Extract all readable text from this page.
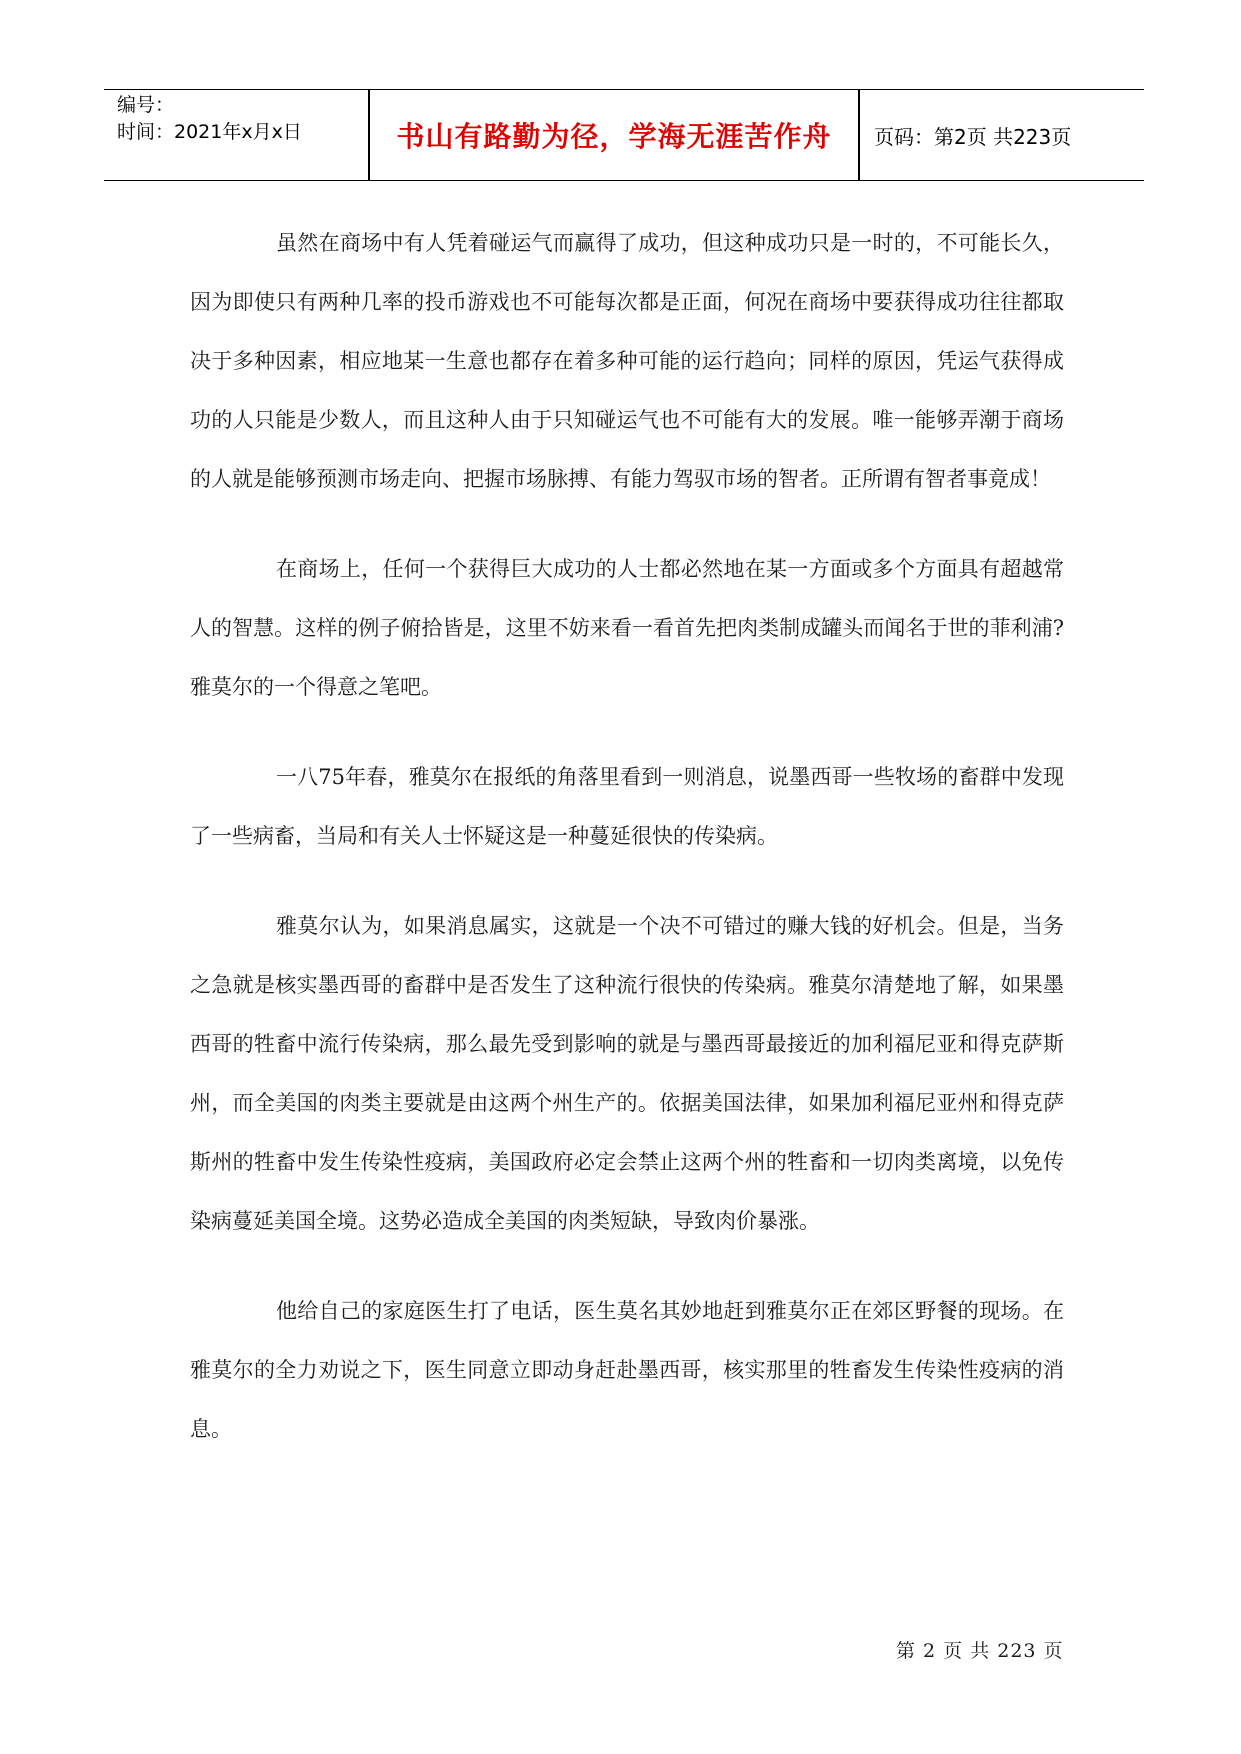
编号：
时间：2021年x月x日	书山有路勤为径，学海无涯苦作舟	页码：第2页 共223页

虽然在商场中有人凭着碰运气而赢得了成功，但这种成功只是一时的，不可能长久，因为即使只有两种几率的投币游戏也不可能每次都是正面，何况在商场中要获得成功往往都取决于多种因素，相应地某一生意也都存在着多种可能的运行趋向；同样的原因，凭运气获得成功的人只能是少数人，而且这种人由于只知碰运气也不可能有大的发展。唯一能够弄潮于商场的人就是能够预测市场走向、把握市场脉搏、有能力驾驭市场的智者。正所谓有智者事竟成！

在商场上，任何一个获得巨大成功的人士都必然地在某一方面或多个方面具有超越常人的智慧。这样的例子俯拾皆是，这里不妨来看一看首先把肉类制成罐头而闻名于世的菲利浦?雅莫尔的一个得意之笔吧。

一八75年春，雅莫尔在报纸的角落里看到一则消息，说墨西哥一些牧场的畜群中发现了一些病畜，当局和有关人士怀疑这是一种蔓延很快的传染病。

雅莫尔认为，如果消息属实，这就是一个决不可错过的赚大钱的好机会。但是，当务之急就是核实墨西哥的畜群中是否发生了这种流行很快的传染病。雅莫尔清楚地了解，如果墨西哥的牲畜中流行传染病，那么最先受到影响的就是与墨西哥最接近的加利福尼亚和得克萨斯州，而全美国的肉类主要就是由这两个州生产的。依据美国法律，如果加利福尼亚州和得克萨斯州的牲畜中发生传染性疫病，美国政府必定会禁止这两个州的牲畜和一切肉类离境，以免传染病蔓延美国全境。这势必造成全美国的肉类短缺，导致肉价暴涨。

他给自己的家庭医生打了电话，医生莫名其妙地赶到雅莫尔正在郊区野餐的现场。在雅莫尔的全力劝说之下，医生同意立即动身赶赴墨西哥，核实那里的牲畜发生传染性疫病的消息。

第 2 页 共 223 页
